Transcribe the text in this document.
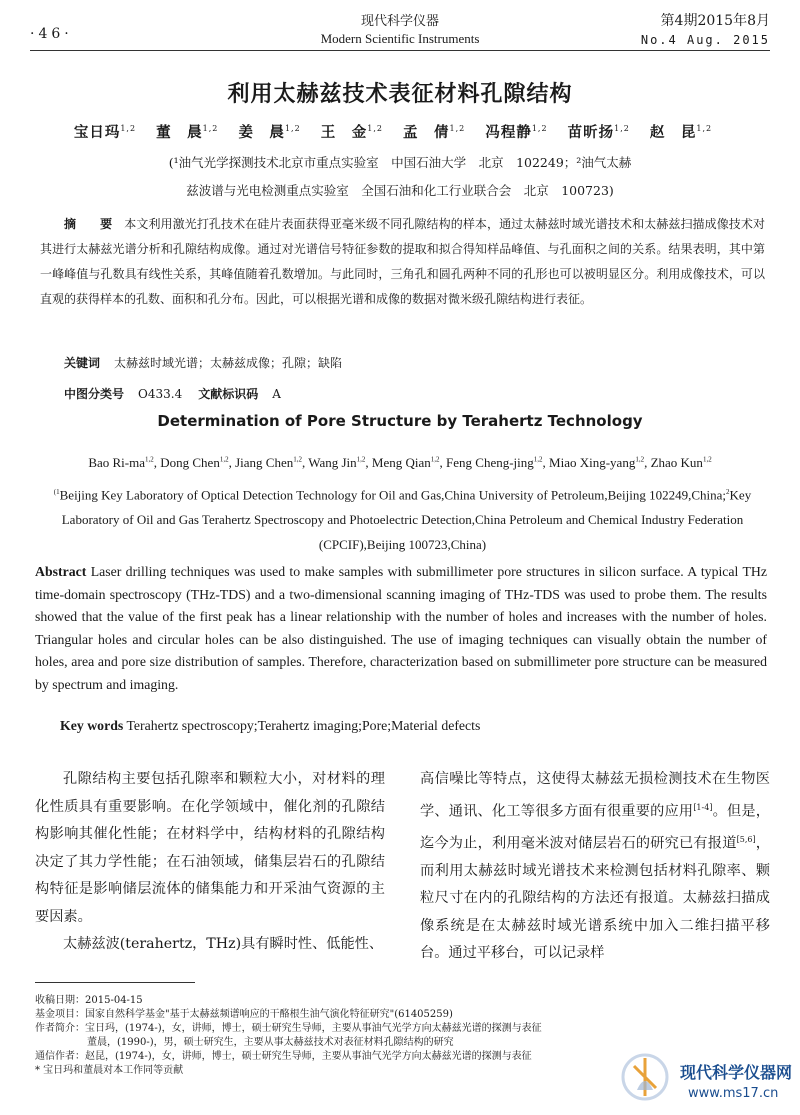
·46·
现代科学仪器
Modern Scientific Instruments
第4期2015年8月
No.4 Aug. 2015
利用太赫兹技术表征材料孔隙结构
宝日玛$^{1,2}$ 董　晨$^{1,2}$ 姜　晨$^{1,2}$ 王　金$^{1,2}$ 孟　倩$^{1,2}$ 冯程静$^{1,2}$ 苗昕扬$^{1,2}$ 赵　昆$^{1,2}$
(¹油气光学探测技术北京市重点实验室　中国石油大学　北京　102249；²油气太赫
兹波谱与光电检测重点实验室　全国石油和化工行业联合会　北京　100723)
摘　要 本文利用激光打孔技术在硅片表面获得亚毫米级不同孔隙结构的样本，通过太赫兹时域光谱技术和太赫兹扫描成像技术对其进行太赫兹光谱分析和孔隙结构成像。通过对光谱信号特征参数的提取和拟合得知样品峰值、与孔面积之间的关系。结果表明，其中第一峰峰值与孔数具有线性关系，其峰值随着孔数增加。与此同时，三角孔和圆孔两种不同的孔形也可以被明显区分。利用成像技术，可以直观的获得样本的孔数、面积和孔分布。因此，可以根据光谱和成像的数据对微米级孔隙结构进行表征。
关键词 太赫兹时域光谱；太赫兹成像；孔隙；缺陷
中图分类号 O433.4 文献标识码 A
Determination of Pore Structure by Terahertz Technology
Bao Ri-ma$^{1,2}$, Dong Chen$^{1,2}$, Jiang Chen$^{1,2}$, Wang Jin$^{1,2}$, Meng Qian$^{1,2}$, Feng Cheng-jing$^{1,2}$, Miao Xing-yang$^{1,2}$, Zhao Kun$^{1,2}$
$^{(1}$Beijing Key Laboratory of Optical Detection Technology for Oil and Gas,China University of Petroleum,Beijing 102249,China;$^2$Key Laboratory of Oil and Gas Terahertz Spectroscopy and Photoelectric Detection,China Petroleum and Chemical Industry Federation (CPCIF),Beijing 100723,China)
Abstract Laser drilling techniques was used to make samples with submillimeter pore structures in silicon surface. A typical THz time-domain spectroscopy (THz-TDS) and a two-dimensional scanning imaging of THz-TDS was used to probe them. The results showed that the value of the first peak has a linear relationship with the number of holes and increases with the number of holes. Triangular holes and circular holes can be also distinguished. The use of imaging techniques can visually obtain the number of holes, area and pore size distribution of samples. Therefore, characterization based on submillimeter pore structure can be measured by spectrum and imaging.
Key words Terahertz spectroscopy;Terahertz imaging;Pore;Material defects

孔隙结构主要包括孔隙率和颗粒大小，对材料的理化性质具有重要影响。在化学领域中，催化剂的孔隙结构影响其催化性能；在材料学中，结构材料的孔隙结构决定了其力学性能；在石油领域，储集层岩石的孔隙结构特征是影响储层流体的储集能力和开采油气资源的主要因素。

太赫兹波(terahertz，THz)具有瞬时性、低能性、

高信噪比等特点，这使得太赫兹无损检测技术在生物医学、通讯、化工等很多方面有很重要的应用[1-4]。但是，迄今为止，利用毫米波对储层岩石的研究已有报道[5,6]，而利用太赫兹时域光谱技术来检测包括材料孔隙率、颗粒尺寸在内的孔隙结构的方法还有报道。太赫兹扫描成像系统是在太赫兹时域光谱系统中加入二维扫描平移台。通过平移台，可以记录样

收稿日期：2015-04-15
基金项目：国家自然科学基金"基于太赫兹频谱响应的干酪根生油气演化特征研究"(61405259)
作者简介：宝日玛，(1974-)，女，讲师，博士，硕士研究生导师，主要从事油气光学方向太赫兹光谱的探测与表征
董晨，(1990-)，男，硕士研究生，主要从事太赫兹技术对表征材料孔隙结构的研究
通信作者：赵昆，(1974-)，女，讲师，博士，硕士研究生导师，主要从事油气光学方向太赫兹光谱的探测与表征
* 宝日玛和董晨对本工作同等贡献	现代科学仪器网
www.ms17.cn
